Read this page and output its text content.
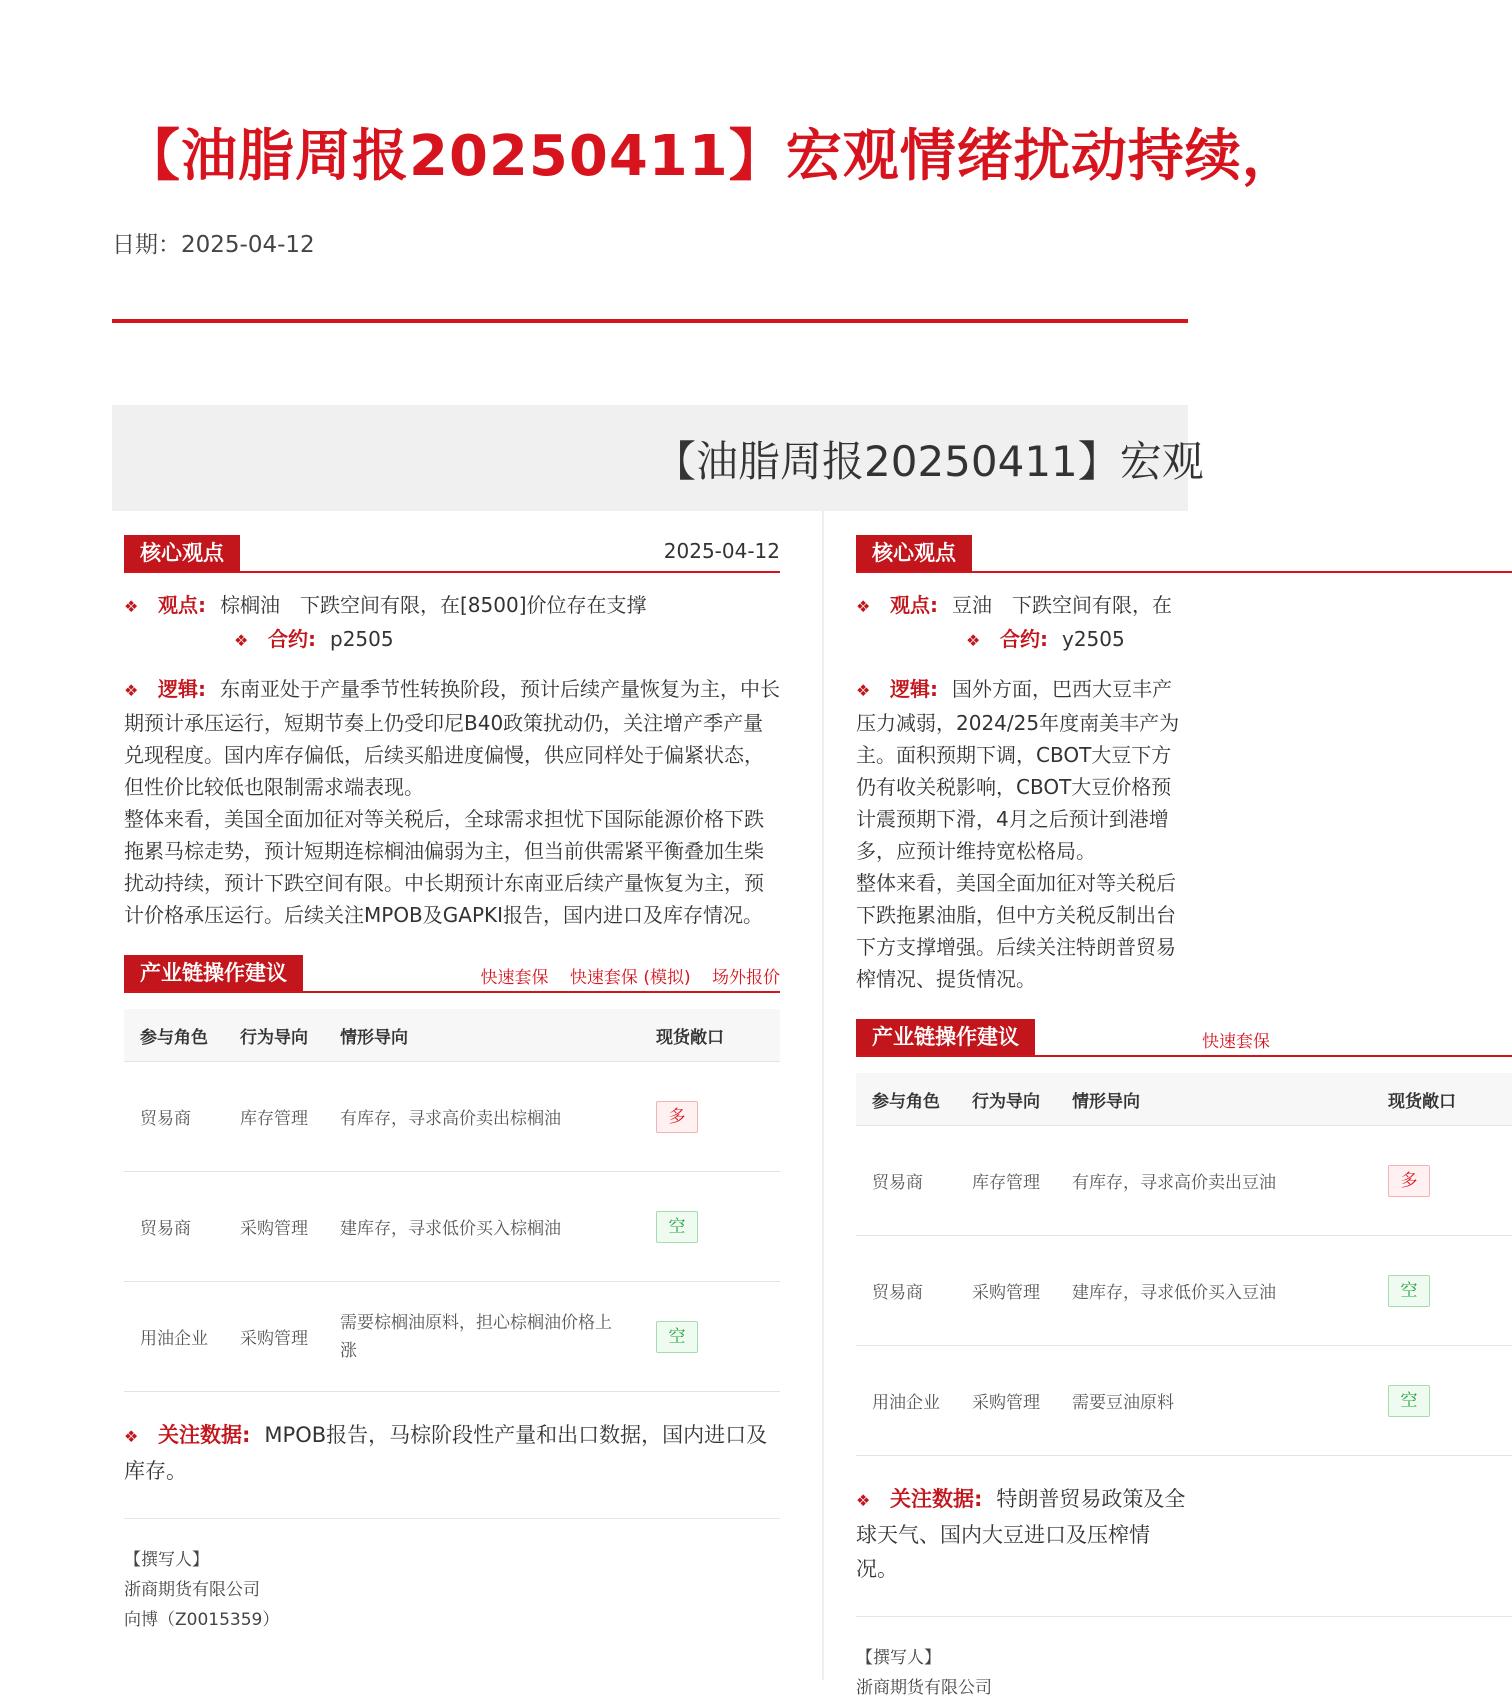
【油脂周报20250411】宏观情绪扰动持续，
日期：2025-04-12
【油脂周报20250411】宏观
核心观点	2025-04-12
❖ 观点: 棕榈油 下跌空间有限，在[8500]价位存在支撑
❖ 合约: p2505

❖ 逻辑: 东南亚处于产量季节性转换阶段，预计后续产量恢复为主，中长期预计承压运行，短期节奏上仍受印尼B40政策扰动仍，关注增产季产量兑现程度。国内库存偏低，后续买船进度偏慢，供应同样处于偏紧状态，但性价比较低也限制需求端表现。

整体来看，美国全面加征对等关税后，全球需求担忧下国际能源价格下跌拖累马棕走势，预计短期连棕榈油偏弱为主，但当前供需紧平衡叠加生柴扰动持续，预计下跌空间有限。中长期预计东南亚后续产量恢复为主，预计价格承压运行。后续关注MPOB及GAPKI报告，国内进口及库存情况。

产业链操作建议	快速套保 快速套保 (模拟) 场外报价
参与角色	行为导向	情形导向	现货敞口
贸易商	库存管理	有库存，寻求高价卖出棕榈油	多
贸易商	采购管理	建库存，寻求低价买入棕榈油	空
用油企业	采购管理	需要棕榈油原料，担心棕榈油价格上涨	空
❖ 关注数据: MPOB报告，马棕阶段性产量和出口数据，国内进口及库存。
【撰写人】
浙商期货有限公司
向博（Z0015359）
核心观点
❖ 观点: 豆油 下跌空间有限，在
❖ 合约: y2505

❖ 逻辑: 国外方面，巴西大豆丰产压力减弱，2024/25年度南美丰产为主。面积预期下调，CBOT大豆下方仍有收关税影响，CBOT大豆价格预计震预期下滑，4月之后预计到港增多，应预计维持宽松格局。

整体来看，美国全面加征对等关税后下跌拖累油脂，但中方关税反制出台下方支撑增强。后续关注特朗普贸易榨情况、提货情况。

产业链操作建议	快速套保
参与角色	行为导向	情形导向	现货敞口
贸易商	库存管理	有库存，寻求高价卖出豆油	多
贸易商	采购管理	建库存，寻求低价买入豆油	空
用油企业	采购管理	需要豆油原料	空
❖ 关注数据: 特朗普贸易政策及全球天气、国内大豆进口及压榨情况。
【撰写人】
浙商期货有限公司
